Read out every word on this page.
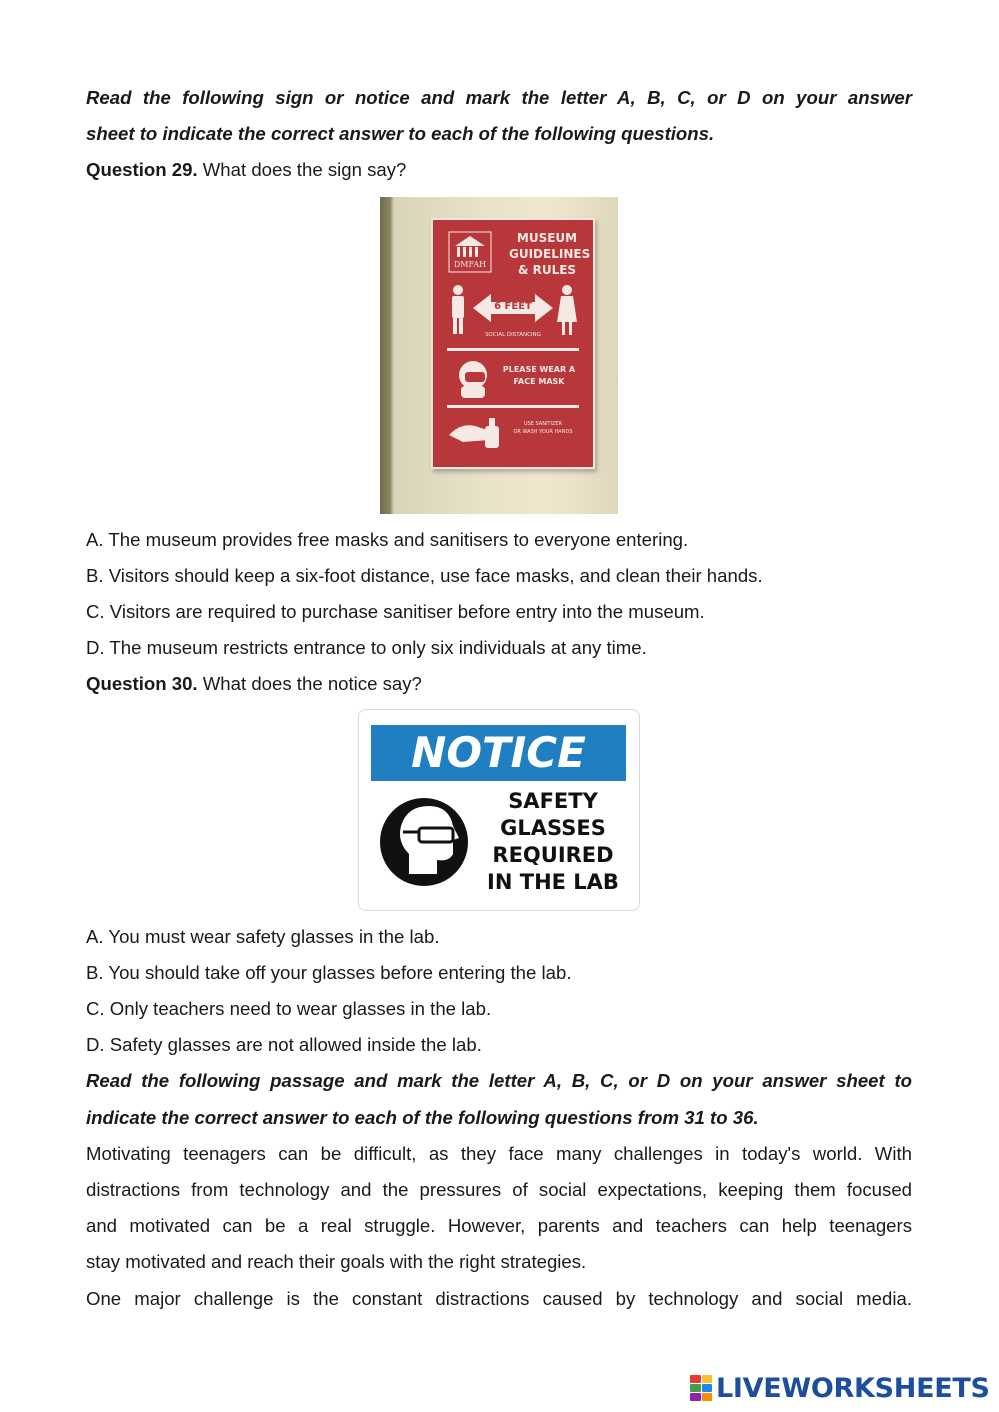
Read the following sign or notice and mark the letter A, B, C, or D on your answer

sheet to indicate the correct answer to each of the following questions.

Question 29. What does the sign say?

MUSEUM
GUIDELINES
& RULES
DMFAH
6 FEET
SOCIAL DISTANCING
PLEASE WEAR A
FACE MASK
USE SANITIZER
OR WASH YOUR HANDS

A. The museum provides free masks and sanitisers to everyone entering.

B. Visitors should keep a six-foot distance, use face masks, and clean their hands.

C. Visitors are required to purchase sanitiser before entry into the museum.

D. The museum restricts entrance to only six individuals at any time.

Question 30. What does the notice say?

NOTICE
SAFETY
GLASSES
REQUIRED
IN THE LAB

A. You must wear safety glasses in the lab.

B. You should take off your glasses before entering the lab.

C. Only teachers need to wear glasses in the lab.

D. Safety glasses are not allowed inside the lab.

Read the following passage and mark the letter A, B, C, or D on your answer sheet to

indicate the correct answer to each of the following questions from 31 to 36.

Motivating teenagers can be difficult, as they face many challenges in today's world. With

distractions from technology and the pressures of social expectations, keeping them focused

and motivated can be a real struggle. However, parents and teachers can help teenagers

stay motivated and reach their goals with the right strategies.

One major challenge is the constant distractions caused by technology and social media.

LIVEWORKSHEETS
